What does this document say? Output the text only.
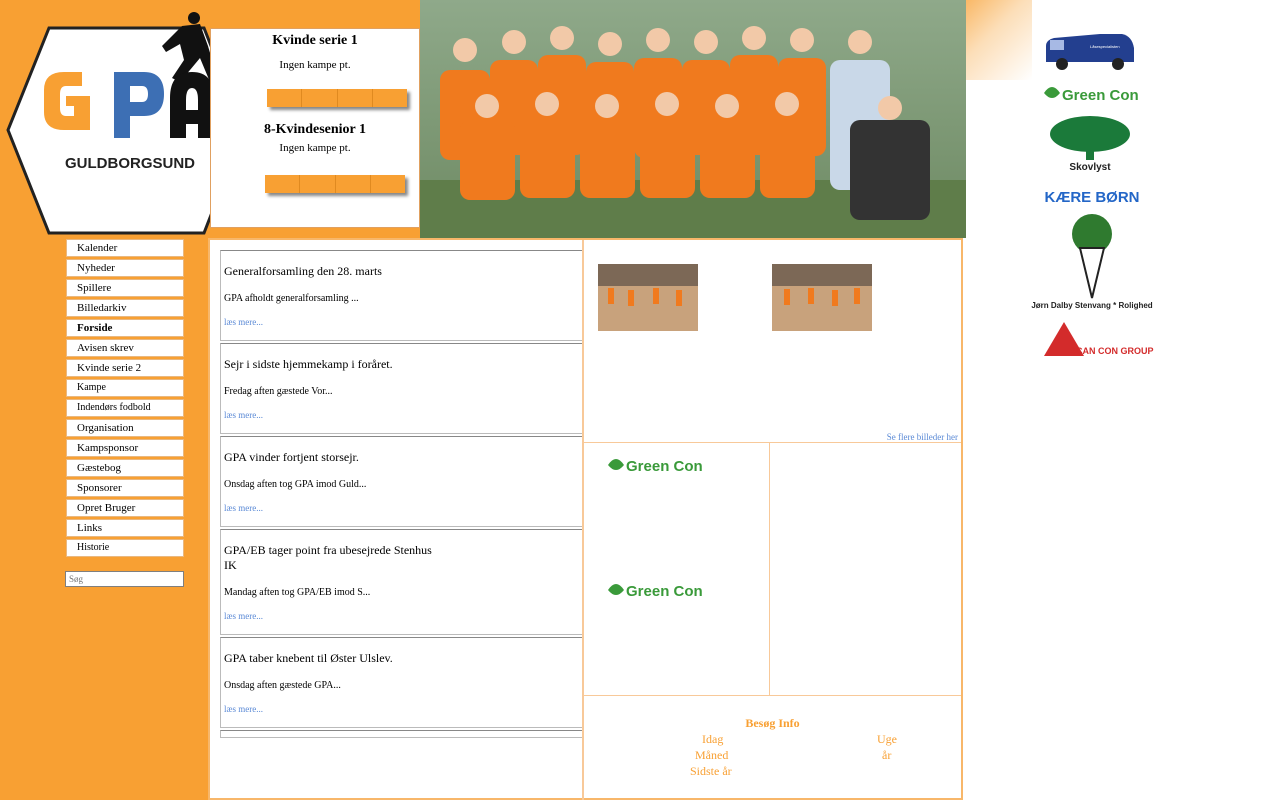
GULDBORGSUND
Kvinde serie 1
Ingen kampe pt.
8-Kvindesenior 1
Ingen kampe pt.
Kalender
Nyheder
Spillere
Billedarkiv
Forside
Avisen skrev
Kvinde serie 2
Kampe
Indendørs fodbold
Organisation
Kampsponsor
Gæstebog
Sponsorer
Opret Bruger
Links
Historie
Søg
Generalforsamling den 28. marts
GPA afholdt generalforsamling ...
læs mere...
Sejr i sidste hjemmekamp i foråret.
Fredag aften gæstede Vor...
læs mere...
GPA vinder fortjent storsejr.
Onsdag aften tog GPA imod Guld...
læs mere...
GPA/EB tager point fra ubesejrede Stenhus IK
Mandag aften tog GPA/EB imod S...
læs mere...
GPA taber knebent til Øster Ulslev.
Onsdag aften gæstede GPA...
læs mere...
Se flere billeder her
Green Con
Green Con
Besøg Info
Idag	Uge
Måned	år
Sidste år
Låsespecialisten
Green Con
Skovlyst
KÆRE BØRN
Jørn Dalby Stenvang * Rolighed
SCAN CON GROUP
